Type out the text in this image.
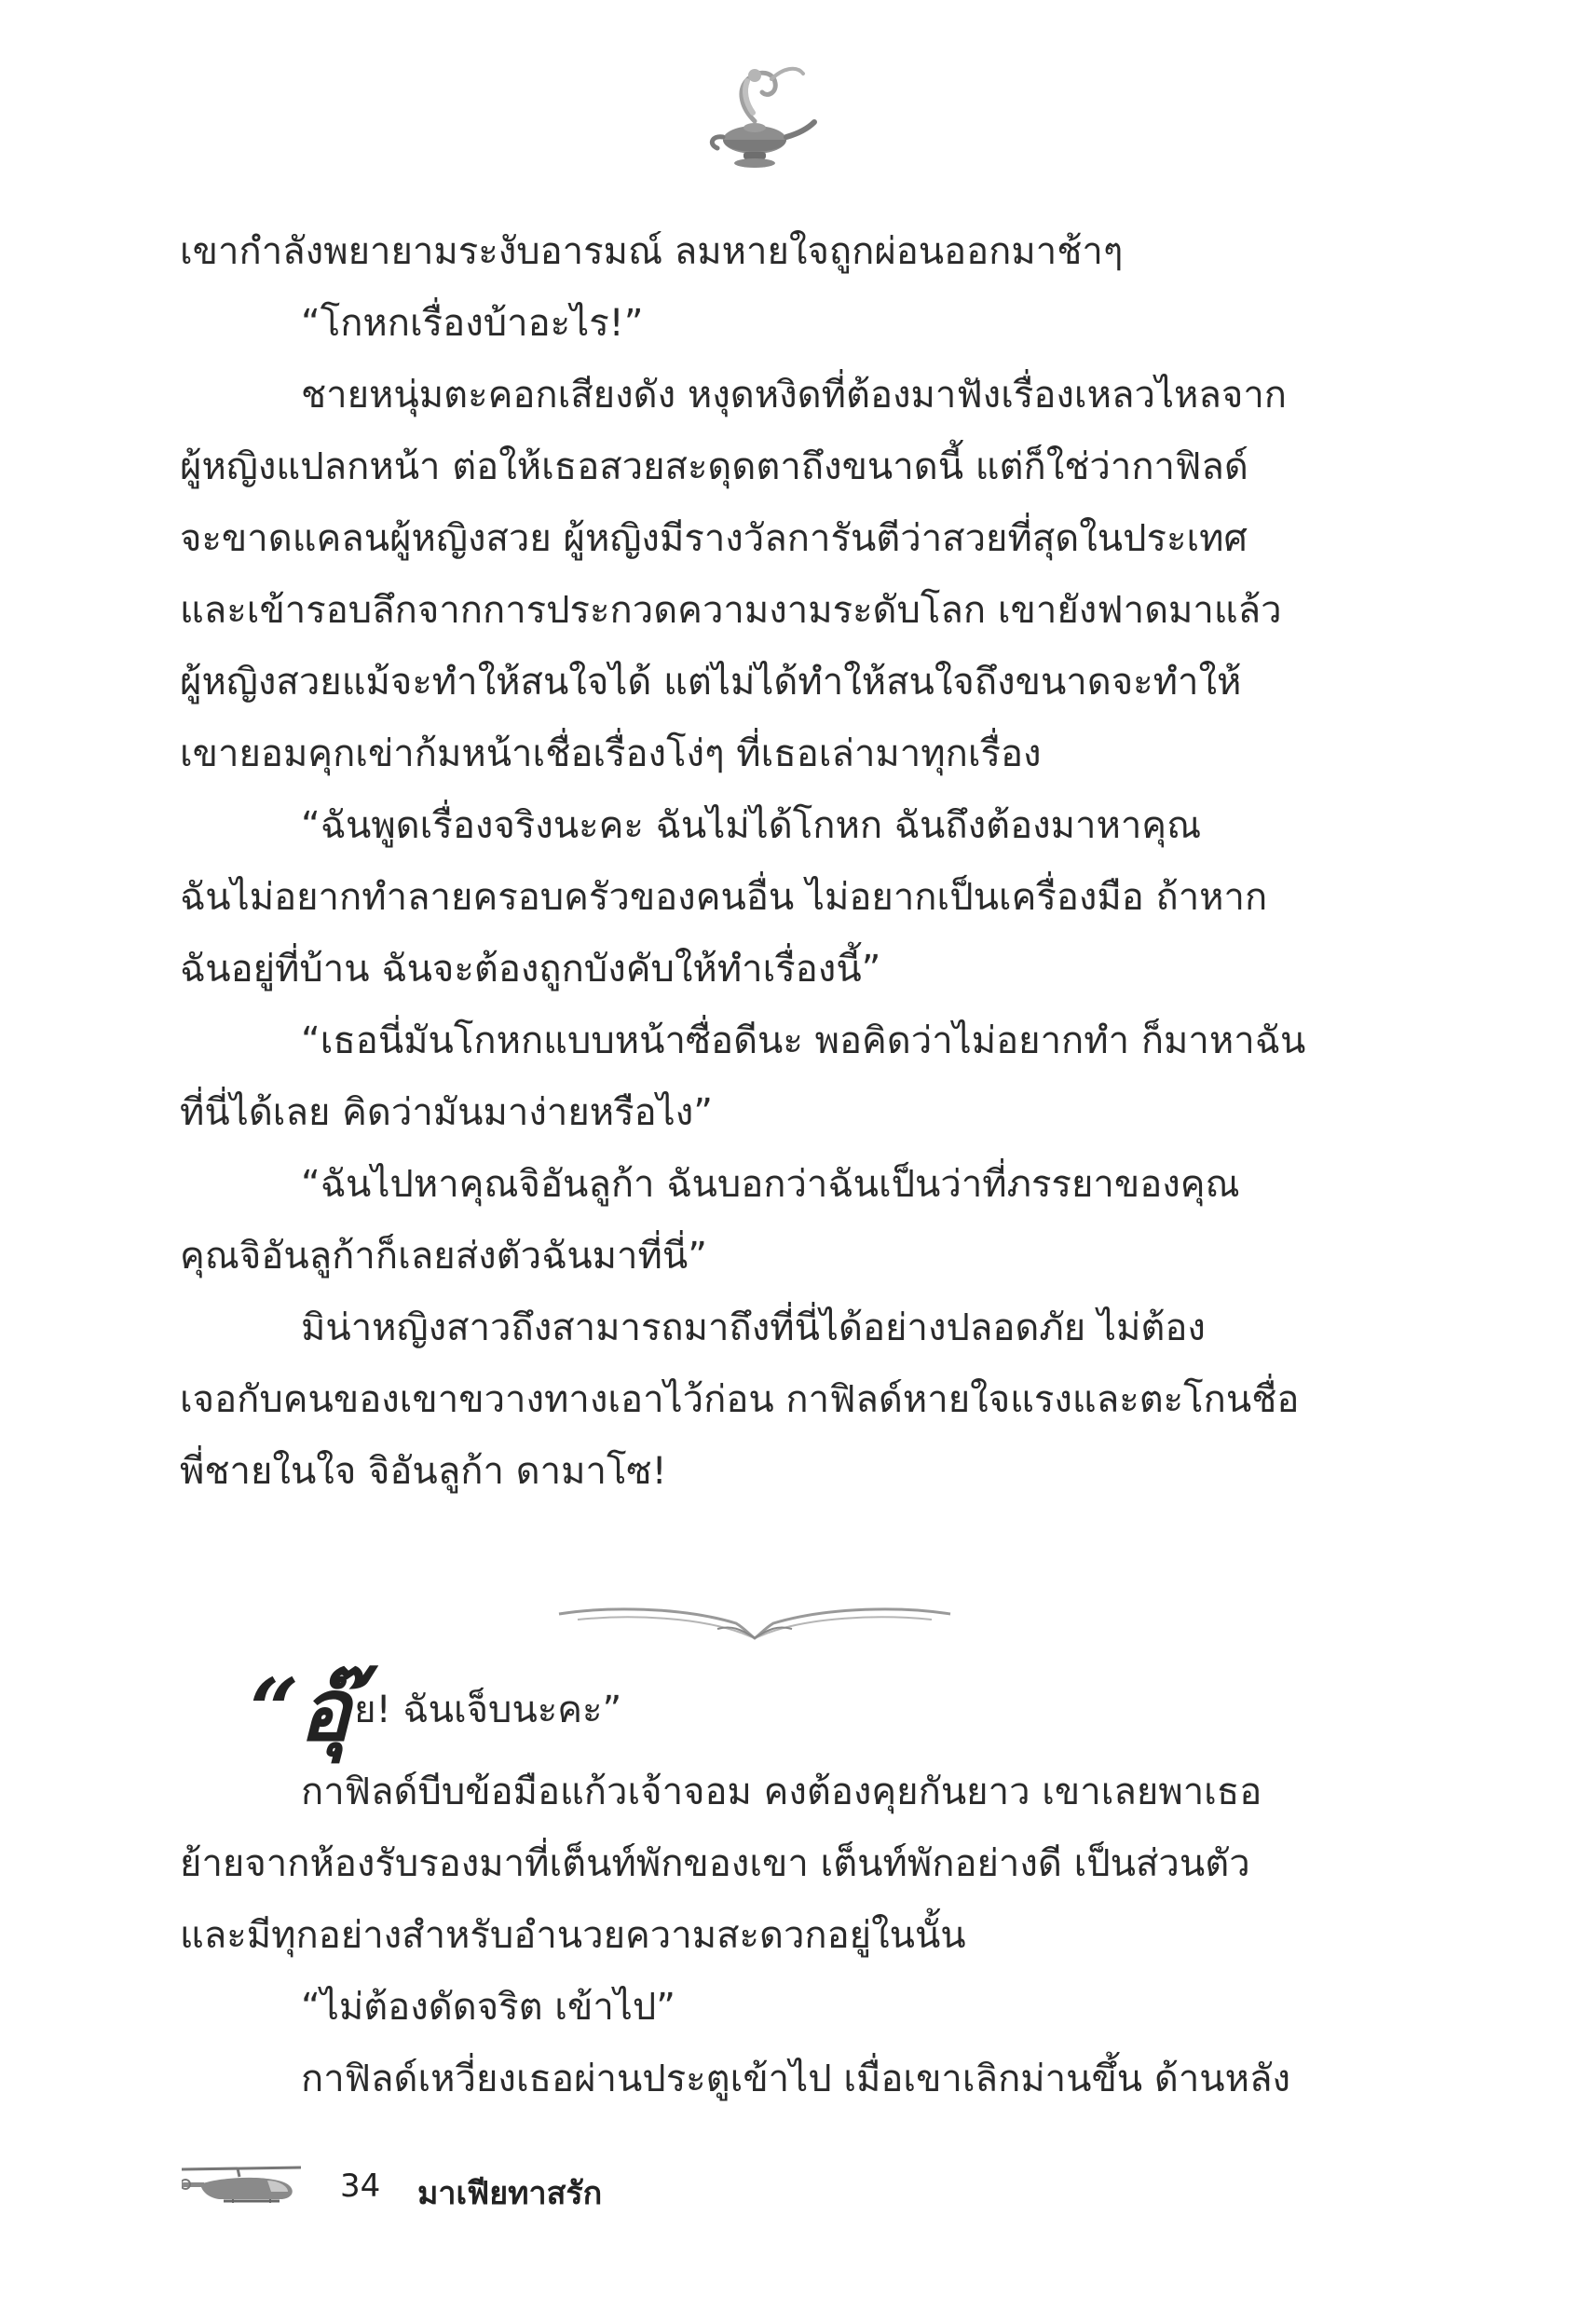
เขากำลังพยายามระงับอารมณ์ ลมหายใจถูกผ่อนออกมาช้าๆ
“โกหกเรื่องบ้าอะไร!”
ชายหนุ่มตะคอกเสียงดัง หงุดหงิดที่ต้องมาฟังเรื่องเหลวไหลจาก
ผู้หญิงแปลกหน้า ต่อให้เธอสวยสะดุดตาถึงขนาดนี้ แต่ก็ใช่ว่ากาฟิลด์
จะขาดแคลนผู้หญิงสวย ผู้หญิงมีรางวัลการันตีว่าสวยที่สุดในประเทศ
และเข้ารอบลึกจากการประกวดความงามระดับโลก เขายังฟาดมาแล้ว
ผู้หญิงสวยแม้จะทำให้สนใจได้ แต่ไม่ได้ทำให้สนใจถึงขนาดจะทำให้
เขายอมคุกเข่าก้มหน้าเชื่อเรื่องโง่ๆ ที่เธอเล่ามาทุกเรื่อง
“ฉันพูดเรื่องจริงนะคะ ฉันไม่ได้โกหก ฉันถึงต้องมาหาคุณ
ฉันไม่อยากทำลายครอบครัวของคนอื่น ไม่อยากเป็นเครื่องมือ ถ้าหาก
ฉันอยู่ที่บ้าน ฉันจะต้องถูกบังคับให้ทำเรื่องนี้”
“เธอนี่มันโกหกแบบหน้าซื่อดีนะ พอคิดว่าไม่อยากทำ ก็มาหาฉัน
ที่นี่ได้เลย คิดว่ามันมาง่ายหรือไง”
“ฉันไปหาคุณจิอันลูก้า ฉันบอกว่าฉันเป็นว่าที่ภรรยาของคุณ
คุณจิอันลูก้าก็เลยส่งตัวฉันมาที่นี่”
มิน่าหญิงสาวถึงสามารถมาถึงที่นี่ได้อย่างปลอดภัย ไม่ต้อง
เจอกับคนของเขาขวางทางเอาไว้ก่อน กาฟิลด์หายใจแรงและตะโกนชื่อ
พี่ชายในใจ จิอันลูก้า ดามาโซ!
“อุ๊ ย! ฉันเจ็บนะคะ”
กาฟิลด์บีบข้อมือแก้วเจ้าจอม คงต้องคุยกันยาว เขาเลยพาเธอ
ย้ายจากห้องรับรองมาที่เต็นท์พักของเขา เต็นท์พักอย่างดี เป็นส่วนตัว
และมีทุกอย่างสำหรับอำนวยความสะดวกอยู่ในนั้น
“ไม่ต้องดัดจริต เข้าไป”
กาฟิลด์เหวี่ยงเธอผ่านประตูเข้าไป เมื่อเขาเลิกม่านขึ้น ด้านหลัง
34 มาเฟียทาสรัก
